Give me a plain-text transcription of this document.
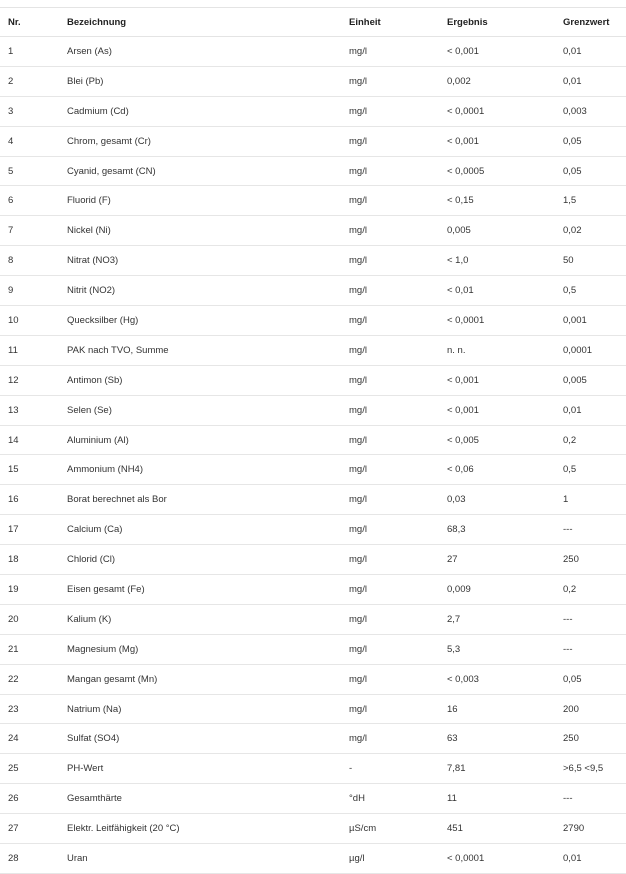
Nr.	Bezeichnung	Einheit	Ergebnis	Grenzwert
1	Arsen (As)	mg/l	< 0,001	0,01
2	Blei (Pb)	mg/l	0,002	0,01
3	Cadmium (Cd)	mg/l	< 0,0001	0,003
4	Chrom, gesamt (Cr)	mg/l	< 0,001	0,05
5	Cyanid, gesamt (CN)	mg/l	< 0,0005	0,05
6	Fluorid (F)	mg/l	< 0,15	1,5
7	Nickel (Ni)	mg/l	0,005	0,02
8	Nitrat (NO3)	mg/l	< 1,0	50
9	Nitrit (NO2)	mg/l	< 0,01	0,5
10	Quecksilber (Hg)	mg/l	< 0,0001	0,001
11	PAK nach TVO, Summe	mg/l	n. n.	0,0001
12	Antimon (Sb)	mg/l	< 0,001	0,005
13	Selen (Se)	mg/l	< 0,001	0,01
14	Aluminium (Al)	mg/l	< 0,005	0,2
15	Ammonium (NH4)	mg/l	< 0,06	0,5
16	Borat berechnet als Bor	mg/l	0,03	1
17	Calcium (Ca)	mg/l	68,3	---
18	Chlorid (Cl)	mg/l	27	250
19	Eisen gesamt (Fe)	mg/l	0,009	0,2
20	Kalium (K)	mg/l	2,7	---
21	Magnesium (Mg)	mg/l	5,3	---
22	Mangan gesamt (Mn)	mg/l	< 0,003	0,05
23	Natrium (Na)	mg/l	16	200
24	Sulfat (SO4)	mg/l	63	250
25	PH-Wert	-	7,81	>6,5 <9,5
26	Gesamthärte	°dH	11	---
27	Elektr. Leitfähigkeit (20 °C)	µS/cm	451	2790
28	Uran	µg/l	< 0,0001	0,01
